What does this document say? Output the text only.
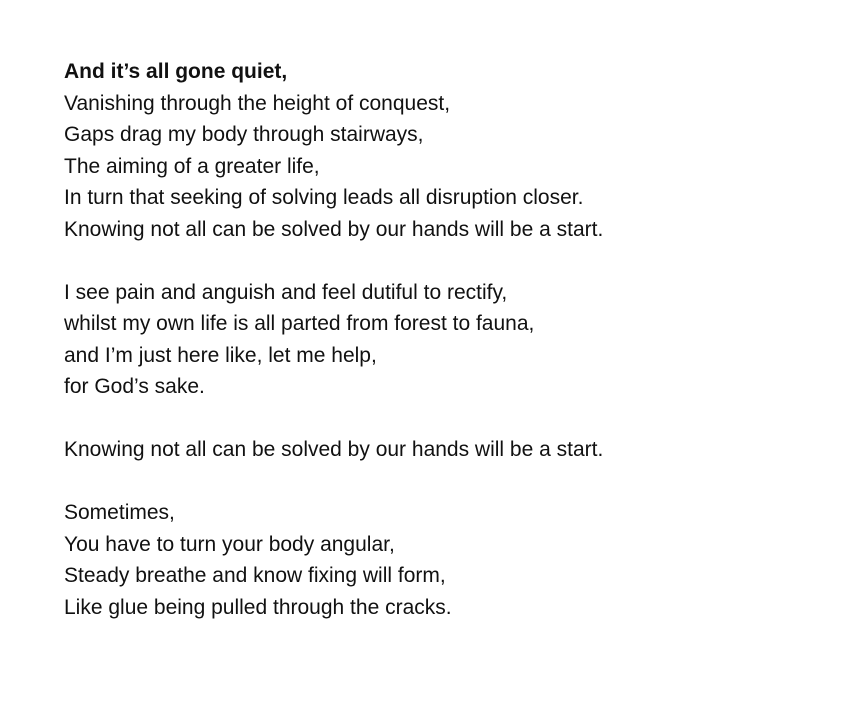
And it’s all gone quiet,
Vanishing through the height of conquest,
Gaps drag my body through stairways,
The aiming of a greater life,
In turn that seeking of solving leads all disruption closer.
Knowing not all can be solved by our hands will be a start.
I see pain and anguish and feel dutiful to rectify,
whilst my own life is all parted from forest to fauna,
and I’m just here like, let me help,
for God’s sake.
Knowing not all can be solved by our hands will be a start.
Sometimes,
You have to turn your body angular,
Steady breathe and know fixing will form,
Like glue being pulled through the cracks.
